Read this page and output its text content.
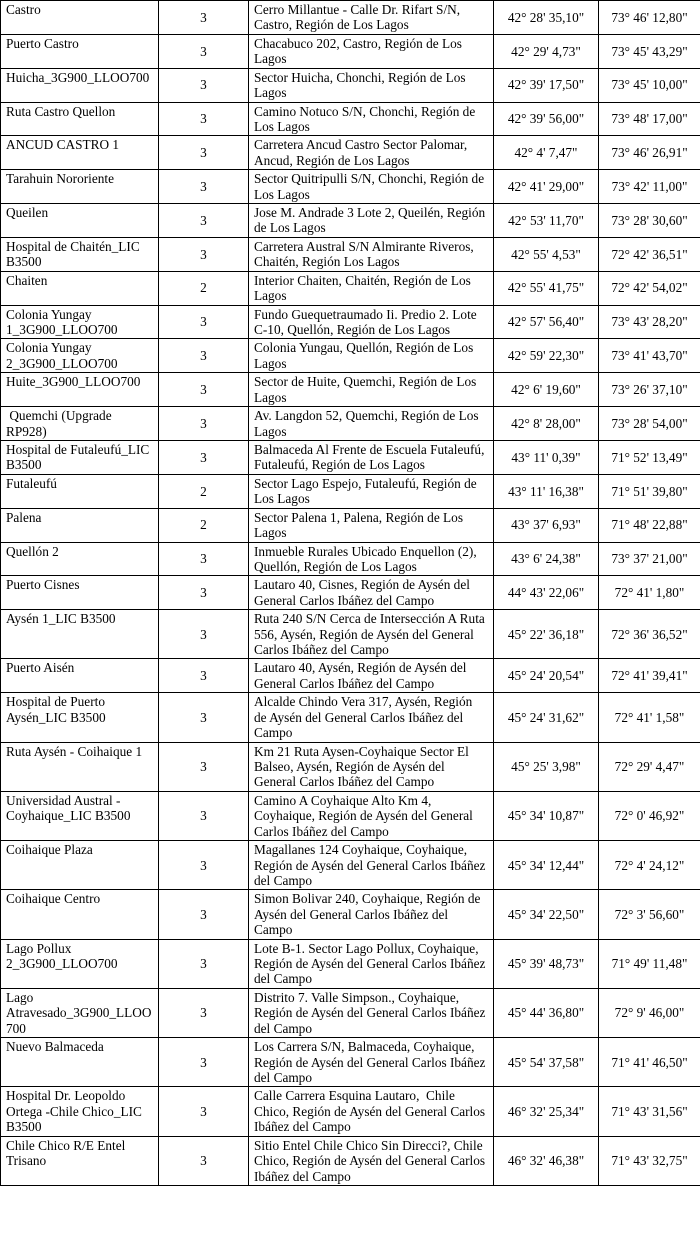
Castro	3	Cerro Millantue - Calle Dr. Rifart S/N, Castro, Región de Los Lagos	42° 28' 35,10"	73° 46' 12,80"
Puerto Castro	3	Chacabuco 202, Castro, Región de Los Lagos	42° 29' 4,73"	73° 45' 43,29"
Huicha_3G900_LLOO700	3	Sector Huicha, Chonchi, Región de Los Lagos	42° 39' 17,50"	73° 45' 10,00"
Ruta Castro Quellon	3	Camino Notuco S/N, Chonchi, Región de Los Lagos	42° 39' 56,00"	73° 48' 17,00"
ANCUD CASTRO 1	3	Carretera Ancud Castro Sector Palomar, Ancud, Región de Los Lagos	42° 4' 7,47"	73° 46' 26,91"
Tarahuin Nororiente	3	Sector Quitripulli S/N, Chonchi, Región de Los Lagos	42° 41' 29,00"	73° 42' 11,00"
Queilen	3	Jose M. Andrade 3 Lote 2, Queilén, Región de Los Lagos	42° 53' 11,70"	73° 28' 30,60"
Hospital de Chaitén_LIC B3500	3	Carretera Austral S/N Almirante Riveros,  Chaitén, Región Los Lagos	42° 55' 4,53"	72° 42' 36,51"
Chaiten	2	Interior Chaiten, Chaitén, Región de Los Lagos	42° 55' 41,75"	72° 42' 54,02"
Colonia Yungay 1_3G900_LLOO700	3	Fundo Guequetraumado Ii. Predio 2. Lote C-10, Quellón, Región de Los Lagos	42° 57' 56,40"	73° 43' 28,20"
Colonia Yungay 2_3G900_LLOO700	3	Colonia Yungau, Quellón, Región de Los Lagos	42° 59' 22,30"	73° 41' 43,70"
Huite_3G900_LLOO700	3	Sector de Huite, Quemchi, Región de Los Lagos	42° 6' 19,60"	73° 26' 37,10"
Quemchi (Upgrade RP928)	3	Av. Langdon 52, Quemchi, Región de Los Lagos	42° 8' 28,00"	73° 28' 54,00"
Hospital de Futaleufú_LIC B3500	3	Balmaceda Al Frente de Escuela Futaleufú, Futaleufú, Región de Los Lagos	43° 11' 0,39"	71° 52' 13,49"
Futaleufú	2	Sector Lago Espejo, Futaleufú, Región de Los Lagos	43° 11' 16,38"	71° 51' 39,80"
Palena	2	Sector Palena 1, Palena, Región de Los Lagos	43° 37' 6,93"	71° 48' 22,88"
Quellón 2	3	Inmueble Rurales Ubicado Enquellon (2), Quellón, Región de Los Lagos	43° 6' 24,38"	73° 37' 21,00"
Puerto Cisnes	3	Lautaro 40, Cisnes, Región de Aysén del General Carlos Ibáñez del Campo	44° 43' 22,06"	72° 41' 1,80"
Aysén 1_LIC B3500	3	Ruta 240 S/N Cerca de Intersección A Ruta 556, Aysén, Región de Aysén del General Carlos Ibáñez del Campo	45° 22' 36,18"	72° 36' 36,52"
Puerto Aisén	3	Lautaro 40, Aysén, Región de Aysén del General Carlos Ibáñez del Campo	45° 24' 20,54"	72° 41' 39,41"
Hospital de Puerto Aysén_LIC B3500	3	Alcalde Chindo Vera 317, Aysén, Región de Aysén del General Carlos Ibáñez del Campo	45° 24' 31,62"	72° 41' 1,58"
Ruta Aysén - Coihaique 1	3	Km 21 Ruta Aysen-Coyhaique Sector El Balseo, Aysén, Región de Aysén del General Carlos Ibáñez del Campo	45° 25' 3,98"	72° 29' 4,47"
Universidad Austral - Coyhaique_LIC B3500	3	Camino A Coyhaique Alto Km 4, Coyhaique, Región de Aysén del General Carlos Ibáñez del Campo	45° 34' 10,87"	72° 0' 46,92"
Coihaique Plaza	3	Magallanes 124 Coyhaique, Coyhaique, Región de Aysén del General Carlos Ibáñez del Campo	45° 34' 12,44"	72° 4' 24,12"
Coihaique Centro	3	Simon Bolivar 240, Coyhaique, Región de Aysén del General Carlos Ibáñez del Campo	45° 34' 22,50"	72° 3' 56,60"
Lago Pollux 2_3G900_LLOO700	3	Lote B-1. Sector Lago Pollux, Coyhaique, Región de Aysén del General Carlos Ibáñez del Campo	45° 39' 48,73"	71° 49' 11,48"
Lago Atravesado_3G900_LLOO700	3	Distrito 7. Valle Simpson., Coyhaique, Región de Aysén del General Carlos Ibáñez del Campo	45° 44' 36,80"	72° 9' 46,00"
Nuevo Balmaceda	3	Los Carrera S/N, Balmaceda, Coyhaique, Región de Aysén del General Carlos Ibáñez del Campo	45° 54' 37,58"	71° 41' 46,50"
Hospital Dr. Leopoldo Ortega -Chile Chico_LIC B3500	3	Calle Carrera Esquina Lautaro,  Chile Chico, Región de Aysén del General Carlos Ibáñez del Campo	46° 32' 25,34"	71° 43' 31,56"
Chile Chico R/E Entel Trisano	3	Sitio Entel Chile Chico Sin Direcci?, Chile Chico, Región de Aysén del General Carlos Ibáñez del Campo	46° 32' 46,38"	71° 43' 32,75"
